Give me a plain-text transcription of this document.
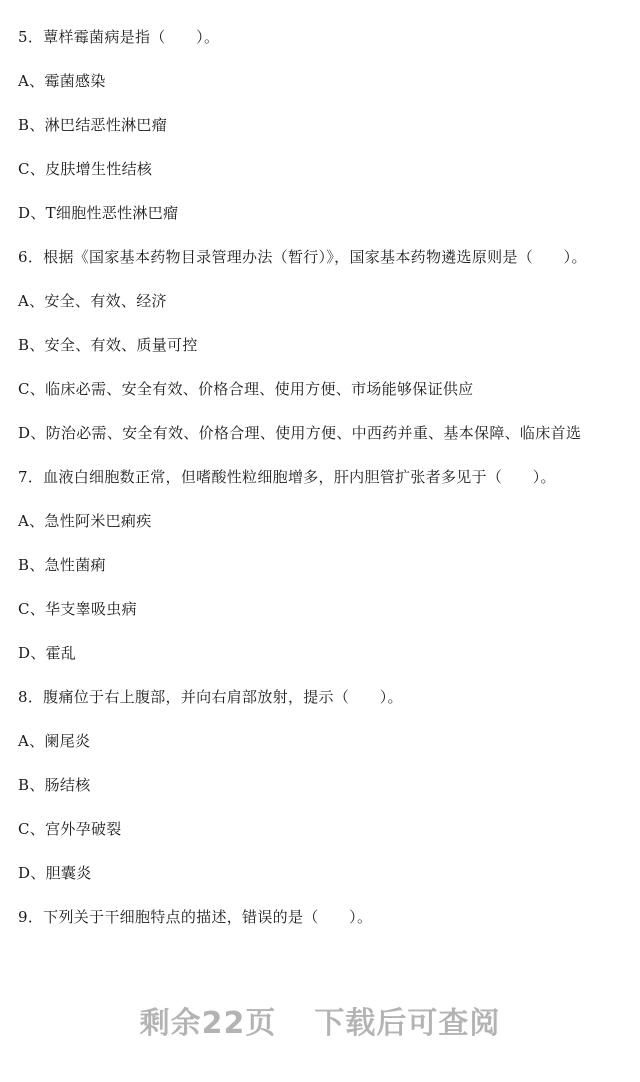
5．蕈样霉菌病是指（　　）。
A、霉菌感染
B、淋巴结恶性淋巴瘤
C、皮肤增生性结核
D、T细胞性恶性淋巴瘤
6．根据《国家基本药物目录管理办法（暂行）》，国家基本药物遴选原则是（　　）。
A、安全、有效、经济
B、安全、有效、质量可控
C、临床必需、安全有效、价格合理、使用方便、市场能够保证供应
D、防治必需、安全有效、价格合理、使用方便、中西药并重、基本保障、临床首选
7．血液白细胞数正常，但嗜酸性粒细胞增多，肝内胆管扩张者多见于（　　）。
A、急性阿米巴痢疾
B、急性菌痢
C、华支睾吸虫病
D、霍乱
8．腹痛位于右上腹部，并向右肩部放射，提示（　　）。
A、阑尾炎
B、肠结核
C、宫外孕破裂
D、胆囊炎
9．下列关于干细胞特点的描述，错误的是（　　）。
剩余22页 下载后可查阅
